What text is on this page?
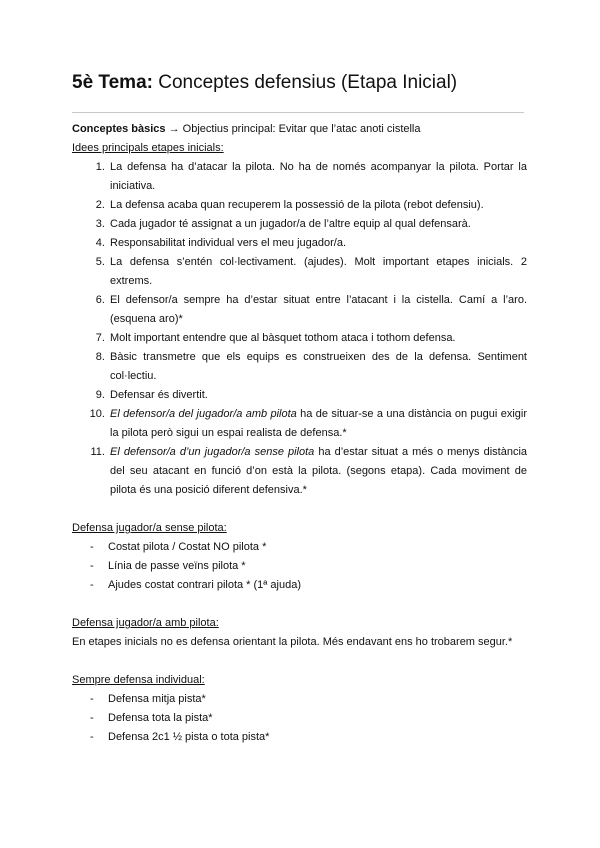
5è Tema: Conceptes defensius (Etapa Inicial)

Conceptes bàsics → Objectius principal: Evitar que l’atac anoti cistella

Idees principals etapes inicials:

1. La defensa ha d’atacar la pilota. No ha de només acompanyar la pilota. Portar la iniciativa.
2. La defensa acaba quan recuperem la possessió de la pilota (rebot defensiu).
3. Cada jugador té assignat a un jugador/a de l’altre equip al qual defensarà.
4. Responsabilitat individual vers el meu jugador/a.
5. La defensa s’entén col·lectivament. (ajudes). Molt important etapes inicials. 2 extrems.
6. El defensor/a sempre ha d’estar situat entre l’atacant i la cistella. Camí a l’aro. (esquena aro)*
7. Molt important entendre que al bàsquet tothom ataca i tothom defensa.
8. Bàsic transmetre que els equips es construeixen des de la defensa. Sentiment col·lectiu.
9. Defensar és divertit.
10. El defensor/a del jugador/a amb pilota ha de situar-se a una distància on pugui exigir la pilota però sigui un espai realista de defensa.*
11. El defensor/a d’un jugador/a sense pilota ha d’estar situat a més o menys distància del seu atacant en funció d’on està la pilota. (segons etapa). Cada moviment de pilota és una posició diferent defensiva.*

Defensa jugador/a sense pilota:

- Costat pilota / Costat NO pilota *
- Línia de passe veïns pilota *
- Ajudes costat contrari pilota * (1ª ajuda)

Defensa jugador/a amb pilota:

En etapes inicials no es defensa orientant la pilota. Més endavant ens ho trobarem segur.*

Sempre defensa individual:

- Defensa mitja pista*
- Defensa tota la pista*
- Defensa 2c1 ½ pista o tota pista*
